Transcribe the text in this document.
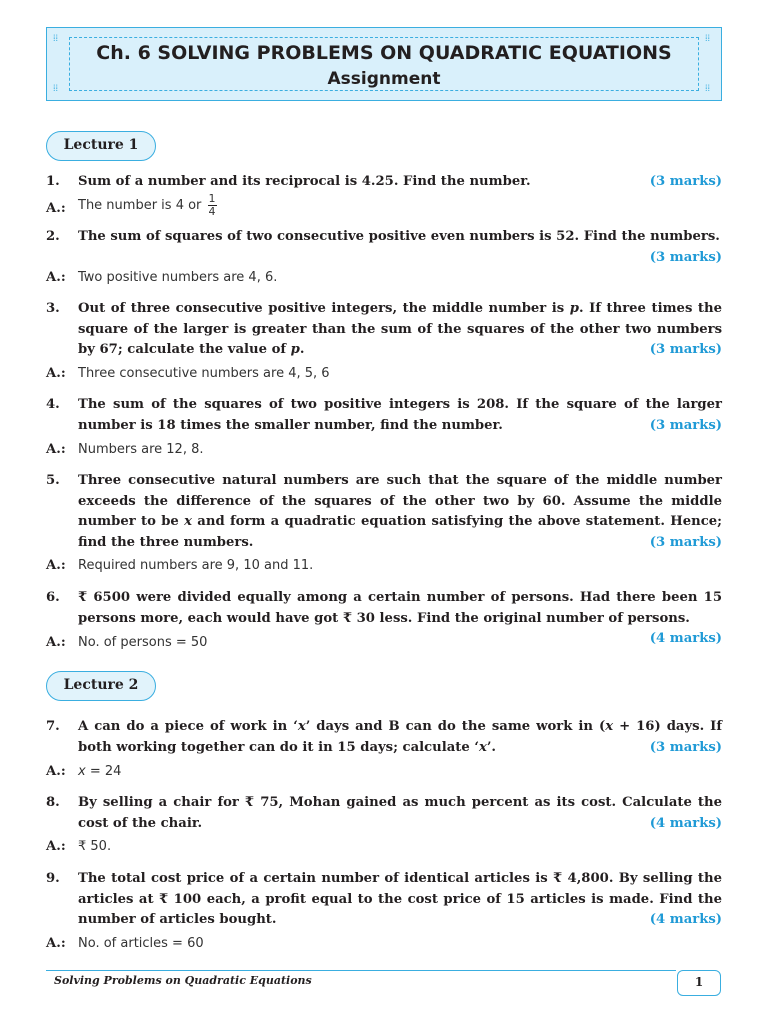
⁞⁞	⁞⁞
⁞⁞	⁞⁞
Ch. 6 SOLVING PROBLEMS ON QUADRATIC EQUATIONS
Assignment
Lecture 1
1.	(3 marks)
Sum of a number and its reciprocal is 4.25. Find the number.
A.: The number is 4 or $\frac{1}{4}$
2. The sum of squares of two consecutive positive even numbers is 52. Find the numbers.
(3 marks)
A.: Two positive numbers are 4, 6.
3. Out of three consecutive positive integers, the middle number is p. If three times the square of the larger is greater than the sum of the squares of the other two numbers by 67; calculate the value of p.	(3 marks)
A.: Three consecutive numbers are 4, 5, 6
4. The sum of the squares of two positive integers is 208. If the square of the larger number is 18 times the smaller number, find the number.	(3 marks)
A.: Numbers are 12, 8.
5. Three consecutive natural numbers are such that the square of the middle number exceeds the difference of the squares of the other two by 60. Assume the middle number to be x and form a quadratic equation satisfying the above statement. Hence; find the three numbers.	(3 marks)
A.: Required numbers are 9, 10 and 11.
6. ₹ 6500 were divided equally among a certain number of persons. Had there been 15 persons more, each would have got ₹ 30 less. Find the original number of persons.
(4 marks)
A.: No. of persons = 50
Lecture 2
7. A can do a piece of work in ‘x’ days and B can do the same work in (x + 16) days. If both working together can do it in 15 days; calculate ‘x’.	(3 marks)
A.: x = 24
8. By selling a chair for ₹ 75, Mohan gained as much percent as its cost. Calculate the cost of the chair.	(4 marks)
A.: ₹ 50.
9. The total cost price of a certain number of identical articles is ₹ 4,800. By selling the articles at ₹ 100 each, a profit equal to the cost price of 15 articles is made. Find the number of articles bought.	(4 marks)
A.: No. of articles = 60
Solving Problems on Quadratic Equations	1
